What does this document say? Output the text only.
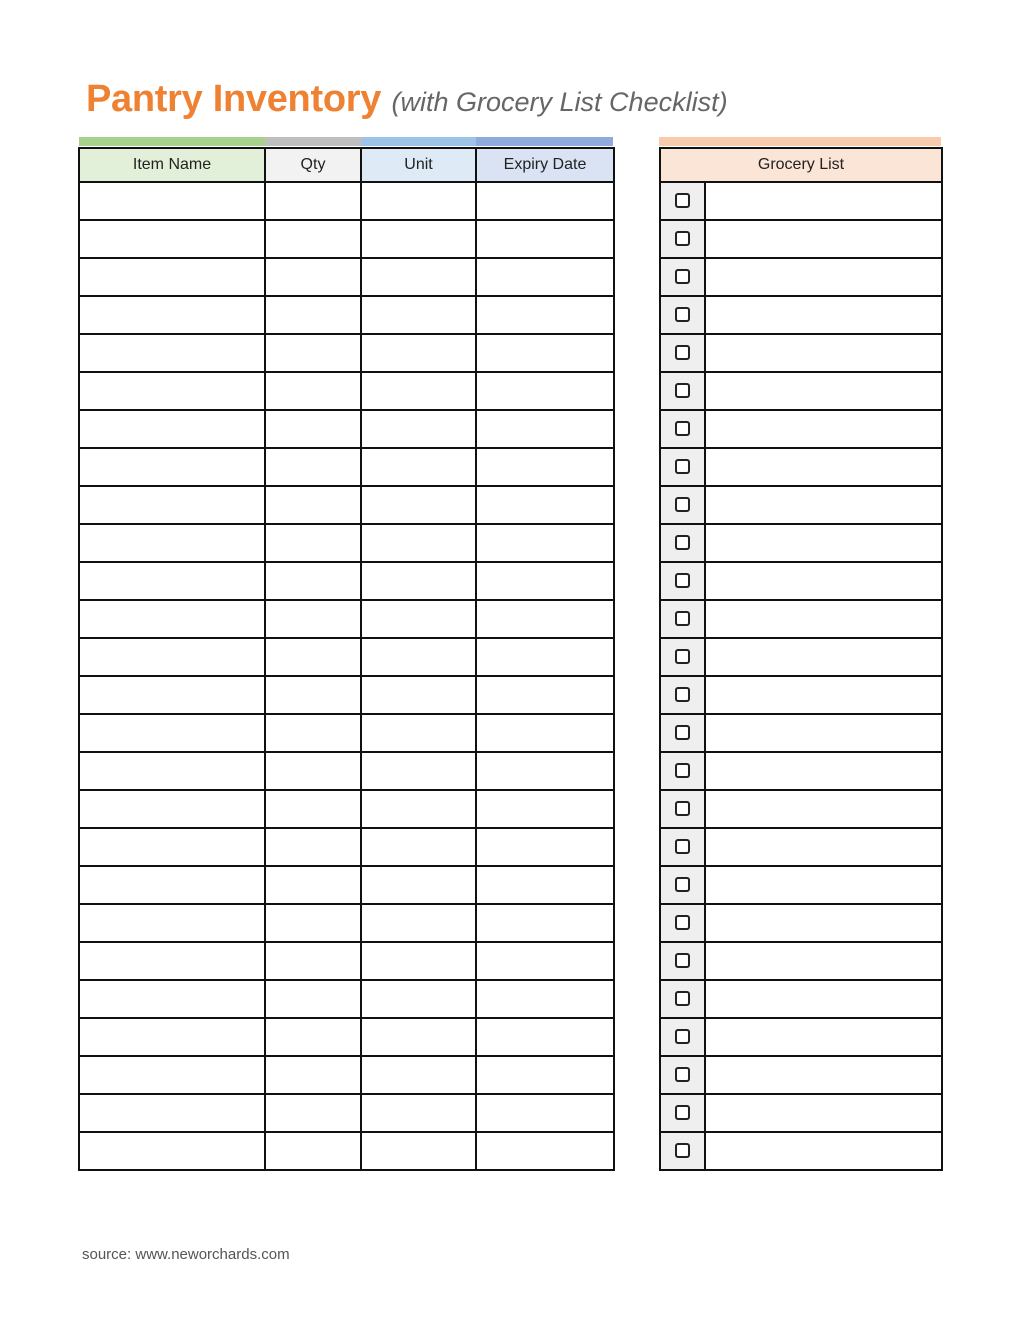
Pantry Inventory (with Grocery List Checklist)
Item Name	Qty	Unit	Expiry Date

				Grocery List	

source: www.neworchards.com
